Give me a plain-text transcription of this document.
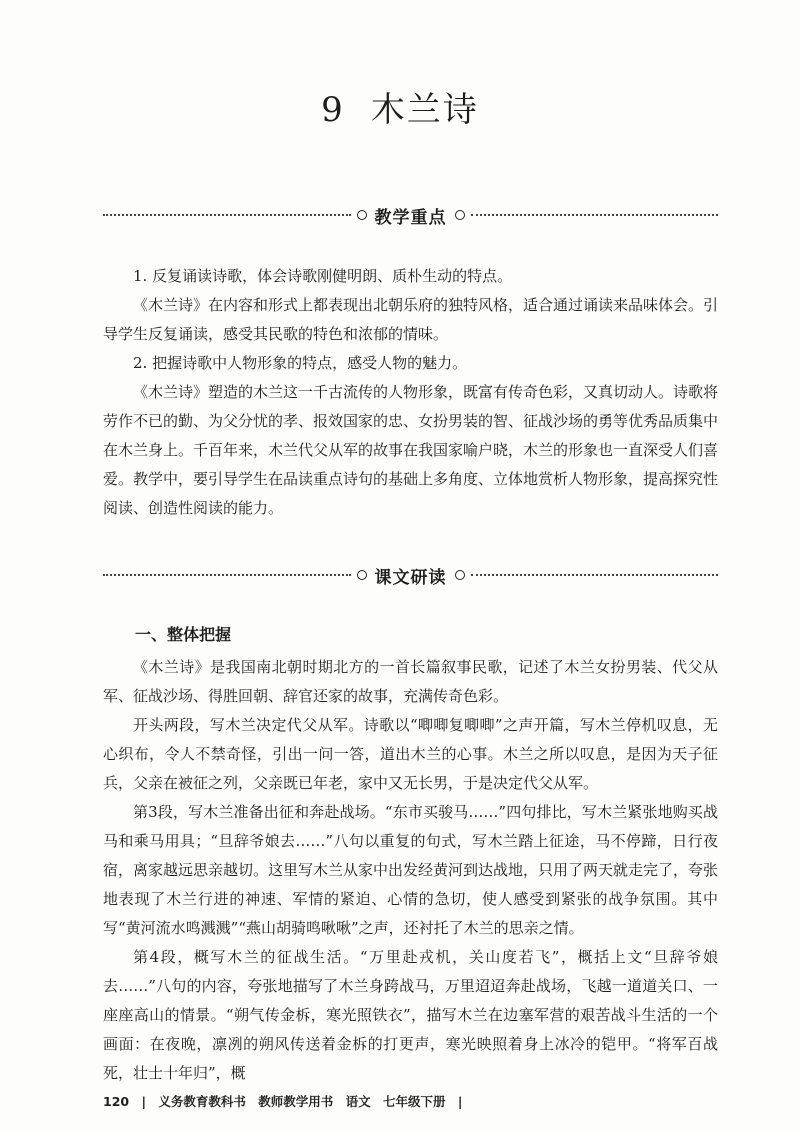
9 木兰诗
教学重点

1. 反复诵读诗歌，体会诗歌刚健明朗、质朴生动的特点。

《木兰诗》在内容和形式上都表现出北朝乐府的独特风格，适合通过诵读来品味体会。引导学生反复诵读，感受其民歌的特色和浓郁的情味。

2. 把握诗歌中人物形象的特点，感受人物的魅力。

《木兰诗》塑造的木兰这一千古流传的人物形象，既富有传奇色彩，又真切动人。诗歌将劳作不已的勤、为父分忧的孝、报效国家的忠、女扮男装的智、征战沙场的勇等优秀品质集中在木兰身上。千百年来，木兰代父从军的故事在我国家喻户晓，木兰的形象也一直深受人们喜爱。教学中，要引导学生在品读重点诗句的基础上多角度、立体地赏析人物形象，提高探究性阅读、创造性阅读的能力。

课文研读
一、整体把握

《木兰诗》是我国南北朝时期北方的一首长篇叙事民歌，记述了木兰女扮男装、代父从军、征战沙场、得胜回朝、辞官还家的故事，充满传奇色彩。

开头两段，写木兰决定代父从军。诗歌以“唧唧复唧唧”之声开篇，写木兰停机叹息，无心织布，令人不禁奇怪，引出一问一答，道出木兰的心事。木兰之所以叹息，是因为天子征兵，父亲在被征之列，父亲既已年老，家中又无长男，于是决定代父从军。

第3段，写木兰准备出征和奔赴战场。“东市买骏马……”四句排比，写木兰紧张地购买战马和乘马用具；“旦辞爷娘去……”八句以重复的句式，写木兰踏上征途，马不停蹄，日行夜宿，离家越远思亲越切。这里写木兰从家中出发经黄河到达战地，只用了两天就走完了，夸张地表现了木兰行进的神速、军情的紧迫、心情的急切，使人感受到紧张的战争氛围。其中写“黄河流水鸣溅溅”“燕山胡骑鸣啾啾”之声，还衬托了木兰的思亲之情。

第4段，概写木兰的征战生活。“万里赴戎机，关山度若飞”，概括上文“旦辞爷娘去……”八句的内容，夸张地描写了木兰身跨战马，万里迢迢奔赴战场，飞越一道道关口、一座座高山的情景。“朔气传金柝，寒光照铁衣”，描写木兰在边塞军营的艰苦战斗生活的一个画面：在夜晚，凛冽的朔风传送着金柝的打更声，寒光映照着身上冰冷的铠甲。“将军百战死，壮士十年归”，概

120 | 义务教育教科书 教师教学用书 语文 七年级下册 |
